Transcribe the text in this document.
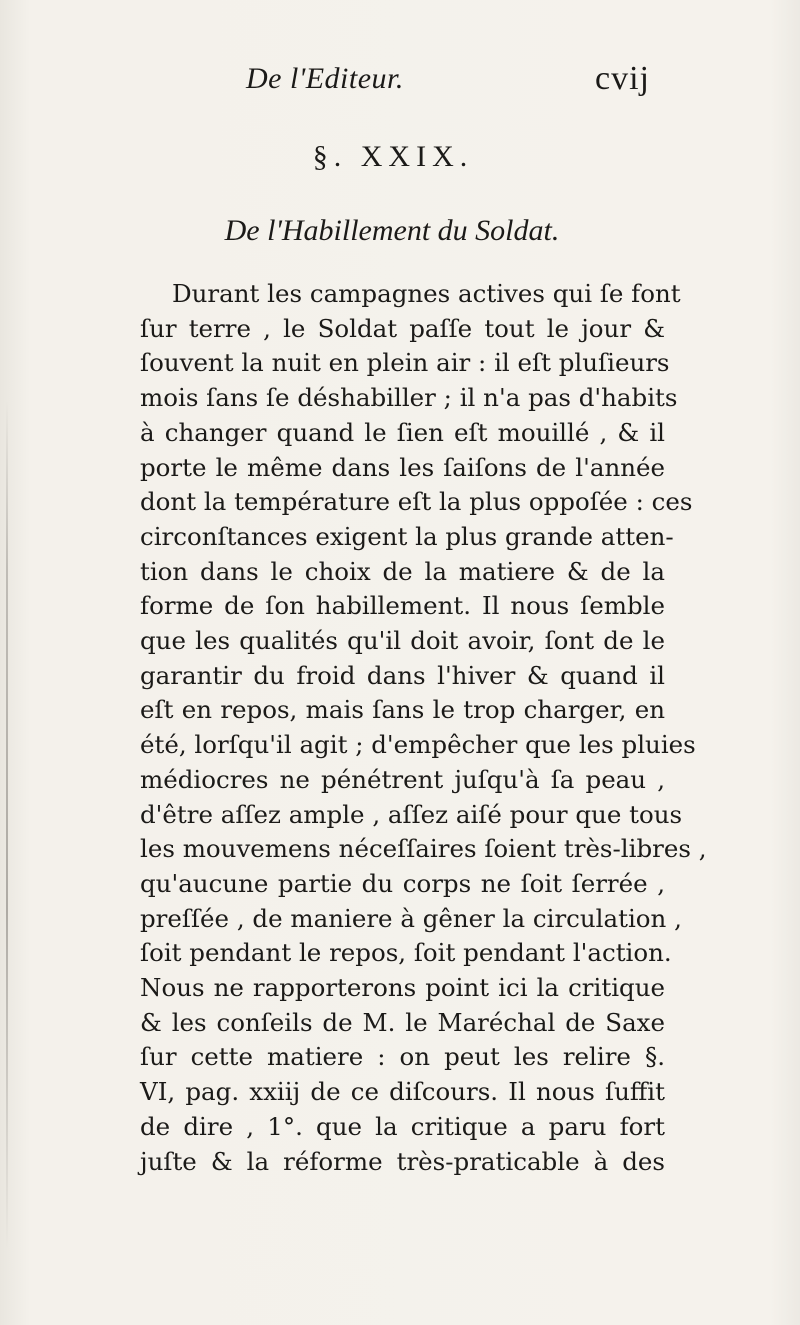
De l'Editeur.	cvij
§. XXIX.
De l'Habillement du Soldat.
Durant les campagnes actives qui ſe font
ſur terre , le Soldat paſſe tout le jour &
ſouvent la nuit en plein air : il eſt pluſieurs
mois ſans ſe déshabiller ; il n'a pas d'habits
à changer quand le ſien eſt mouillé , & il
porte le même dans les ſaiſons de l'année
dont la température eſt la plus oppoſée : ces
circonſtances exigent la plus grande atten-
tion dans le choix de la matiere & de la
forme de ſon habillement. Il nous ſemble
que les qualités qu'il doit avoir, ſont de le
garantir du froid dans l'hiver & quand il
eſt en repos, mais ſans le trop charger, en
été, lorſqu'il agit ; d'empêcher que les pluies
médiocres ne pénétrent juſqu'à ſa peau ,
d'être aſſez ample , aſſez aiſé pour que tous
les mouvemens néceſſaires ſoient très-libres ,
qu'aucune partie du corps ne ſoit ſerrée ,
preſſée , de maniere à gêner la circulation ,
ſoit pendant le repos, ſoit pendant l'action.
Nous ne rapporterons point ici la critique
& les conſeils de M. le Maréchal de Saxe
ſur cette matiere : on peut les relire §.
VI, pag. xxiij de ce diſcours. Il nous ſuffit
de dire , 1°. que la critique a paru fort
juſte & la réforme très-praticable à des
